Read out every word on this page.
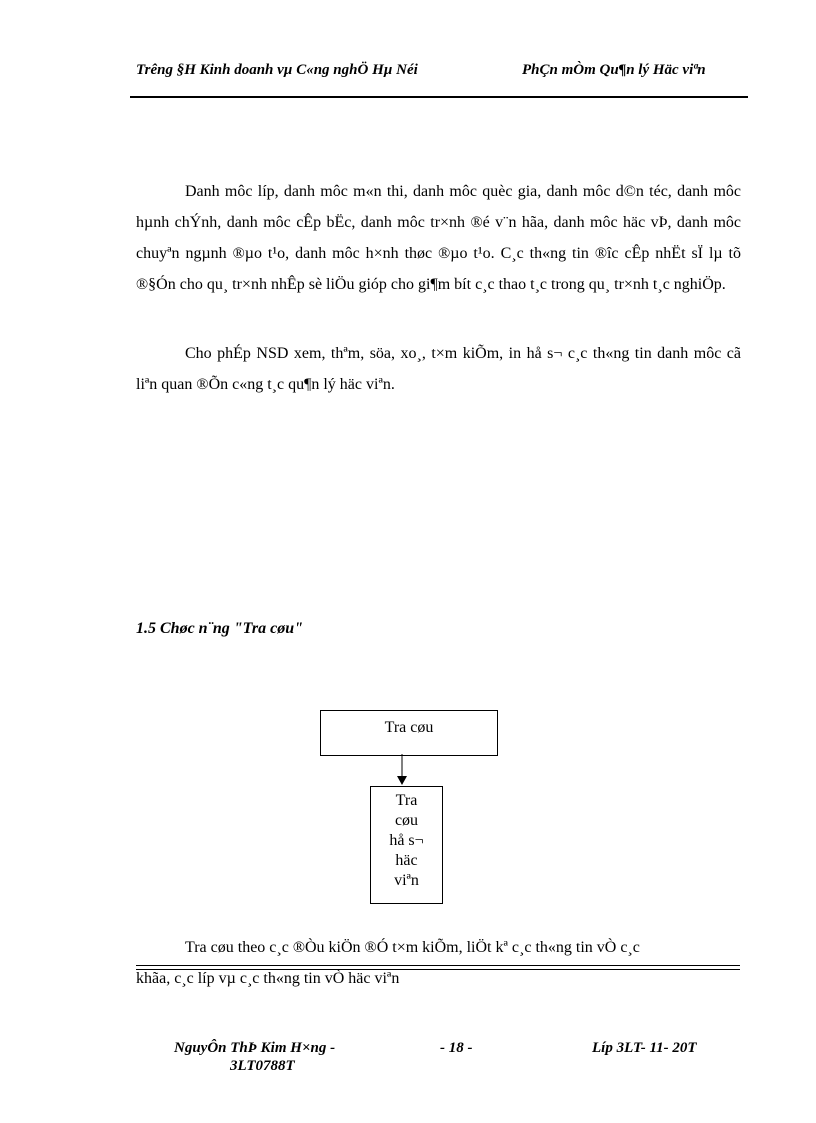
Trêng §H Kinh doanh vµ C«ng nghÖ Hµ Néi	PhÇn mÒm Qu¶n lý Häc viªn

Danh môc líp, danh môc m«n thi, danh môc quèc gia, danh môc d©n téc, danh môc hµnh chÝnh, danh môc cÊp bËc, danh môc tr×nh ®é v¨n hãa, danh môc häc vÞ, danh môc chuyªn ngµnh ®µo t¹o, danh môc h×nh thøc ®µo t¹o. C¸c th«ng tin ®îc cÊp nhËt sÏ lµ tõ ®§Ón cho qu¸ tr×nh nhÊp sè liÖu gióp cho gi¶m bít c¸c thao t¸c trong qu¸ tr×nh t¸c nghiÖp.

Cho phÉp NSD xem, thªm, söa, xo¸, t×m kiÕm, in hå s¬ c¸c th«ng tin danh môc cã liªn quan ®Õn c«ng t¸c qu¶n lý häc viªn.

1.5 Chøc n¨ng "Tra cøu"
Tra cøu
Tra
cøu
hå s¬
häc
viªn

Tra cøu theo c¸c ®Òu kiÖn ®Ó t×m kiÕm, liÖt kª c¸c th«ng tin vÒ c¸c

khãa, c¸c líp vµ c¸c th«ng tin vÒ häc viªn
NguyÔn ThÞ Kim H×ng -
3LT0788T
- 18 -	Líp 3LT- 11- 20T
